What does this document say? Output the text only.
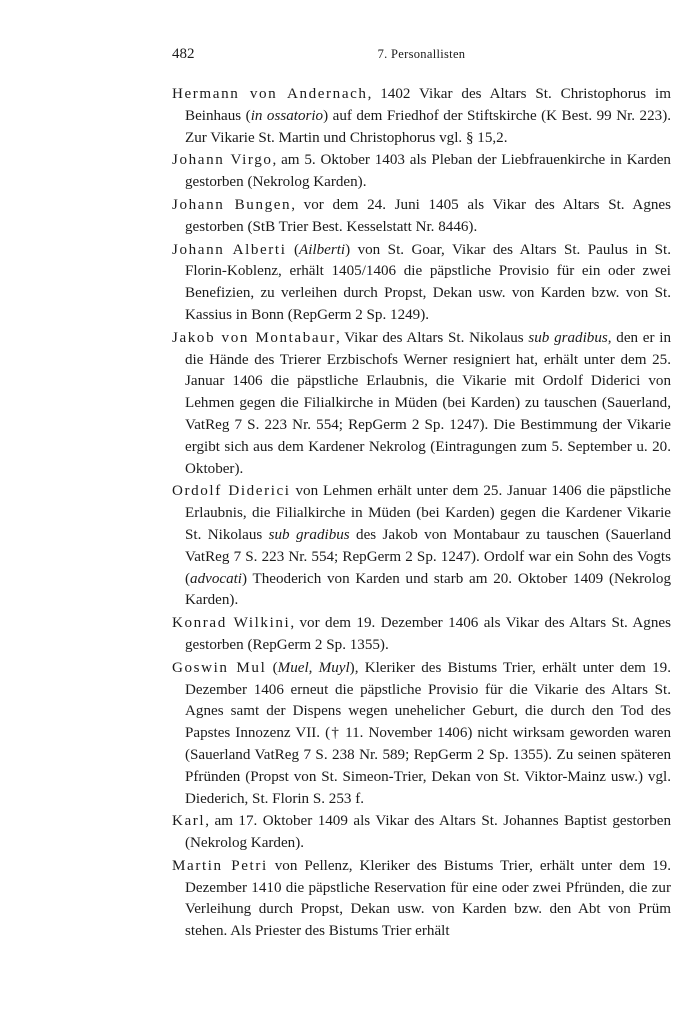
482	7. Personallisten

Hermann von Andernach, 1402 Vikar des Altars St. Christophorus im Beinhaus (in ossatorio) auf dem Friedhof der Stiftskirche (K Best. 99 Nr. 223). Zur Vikarie St. Martin und Christophorus vgl. § 15,2.

Johann Virgo, am 5. Oktober 1403 als Pleban der Liebfrauenkirche in Karden gestorben (Nekrolog Karden).

Johann Bungen, vor dem 24. Juni 1405 als Vikar des Altars St. Agnes gestorben (StB Trier Best. Kesselstatt Nr. 8446).

Johann Alberti (Ailberti) von St. Goar, Vikar des Altars St. Paulus in St. Florin-Koblenz, erhält 1405/1406 die päpstliche Provisio für ein oder zwei Benefizien, zu verleihen durch Propst, Dekan usw. von Karden bzw. von St. Kassius in Bonn (RepGerm 2 Sp. 1249).

Jakob von Montabaur, Vikar des Altars St. Nikolaus sub gradibus, den er in die Hände des Trierer Erzbischofs Werner resigniert hat, erhält unter dem 25. Januar 1406 die päpstliche Erlaubnis, die Vikarie mit Ordolf Diderici von Lehmen gegen die Filialkirche in Müden (bei Karden) zu tauschen (Sauerland, VatReg 7 S. 223 Nr. 554; RepGerm 2 Sp. 1247). Die Bestimmung der Vikarie ergibt sich aus dem Kardener Nekrolog (Eintragungen zum 5. September u. 20. Oktober).

Ordolf Diderici von Lehmen erhält unter dem 25. Januar 1406 die päpstliche Erlaubnis, die Filialkirche in Müden (bei Karden) gegen die Kardener Vikarie St. Nikolaus sub gradibus des Jakob von Montabaur zu tauschen (Sauerland VatReg 7 S. 223 Nr. 554; RepGerm 2 Sp. 1247). Ordolf war ein Sohn des Vogts (advocati) Theoderich von Karden und starb am 20. Oktober 1409 (Nekrolog Karden).

Konrad Wilkini, vor dem 19. Dezember 1406 als Vikar des Altars St. Agnes gestorben (RepGerm 2 Sp. 1355).

Goswin Mul (Muel, Muyl), Kleriker des Bistums Trier, erhält unter dem 19. Dezember 1406 erneut die päpstliche Provisio für die Vikarie des Altars St. Agnes samt der Dispens wegen unehelicher Geburt, die durch den Tod des Papstes Innozenz VII. († 11. November 1406) nicht wirksam geworden waren (Sauerland VatReg 7 S. 238 Nr. 589; RepGerm 2 Sp. 1355). Zu seinen späteren Pfründen (Propst von St. Simeon-Trier, Dekan von St. Viktor-Mainz usw.) vgl. Diederich, St. Florin S. 253 f.

Karl, am 17. Oktober 1409 als Vikar des Altars St. Johannes Baptist gestorben (Nekrolog Karden).

Martin Petri von Pellenz, Kleriker des Bistums Trier, erhält unter dem 19. Dezember 1410 die päpstliche Reservation für eine oder zwei Pfründen, die zur Verleihung durch Propst, Dekan usw. von Karden bzw. den Abt von Prüm stehen. Als Priester des Bistums Trier erhält
